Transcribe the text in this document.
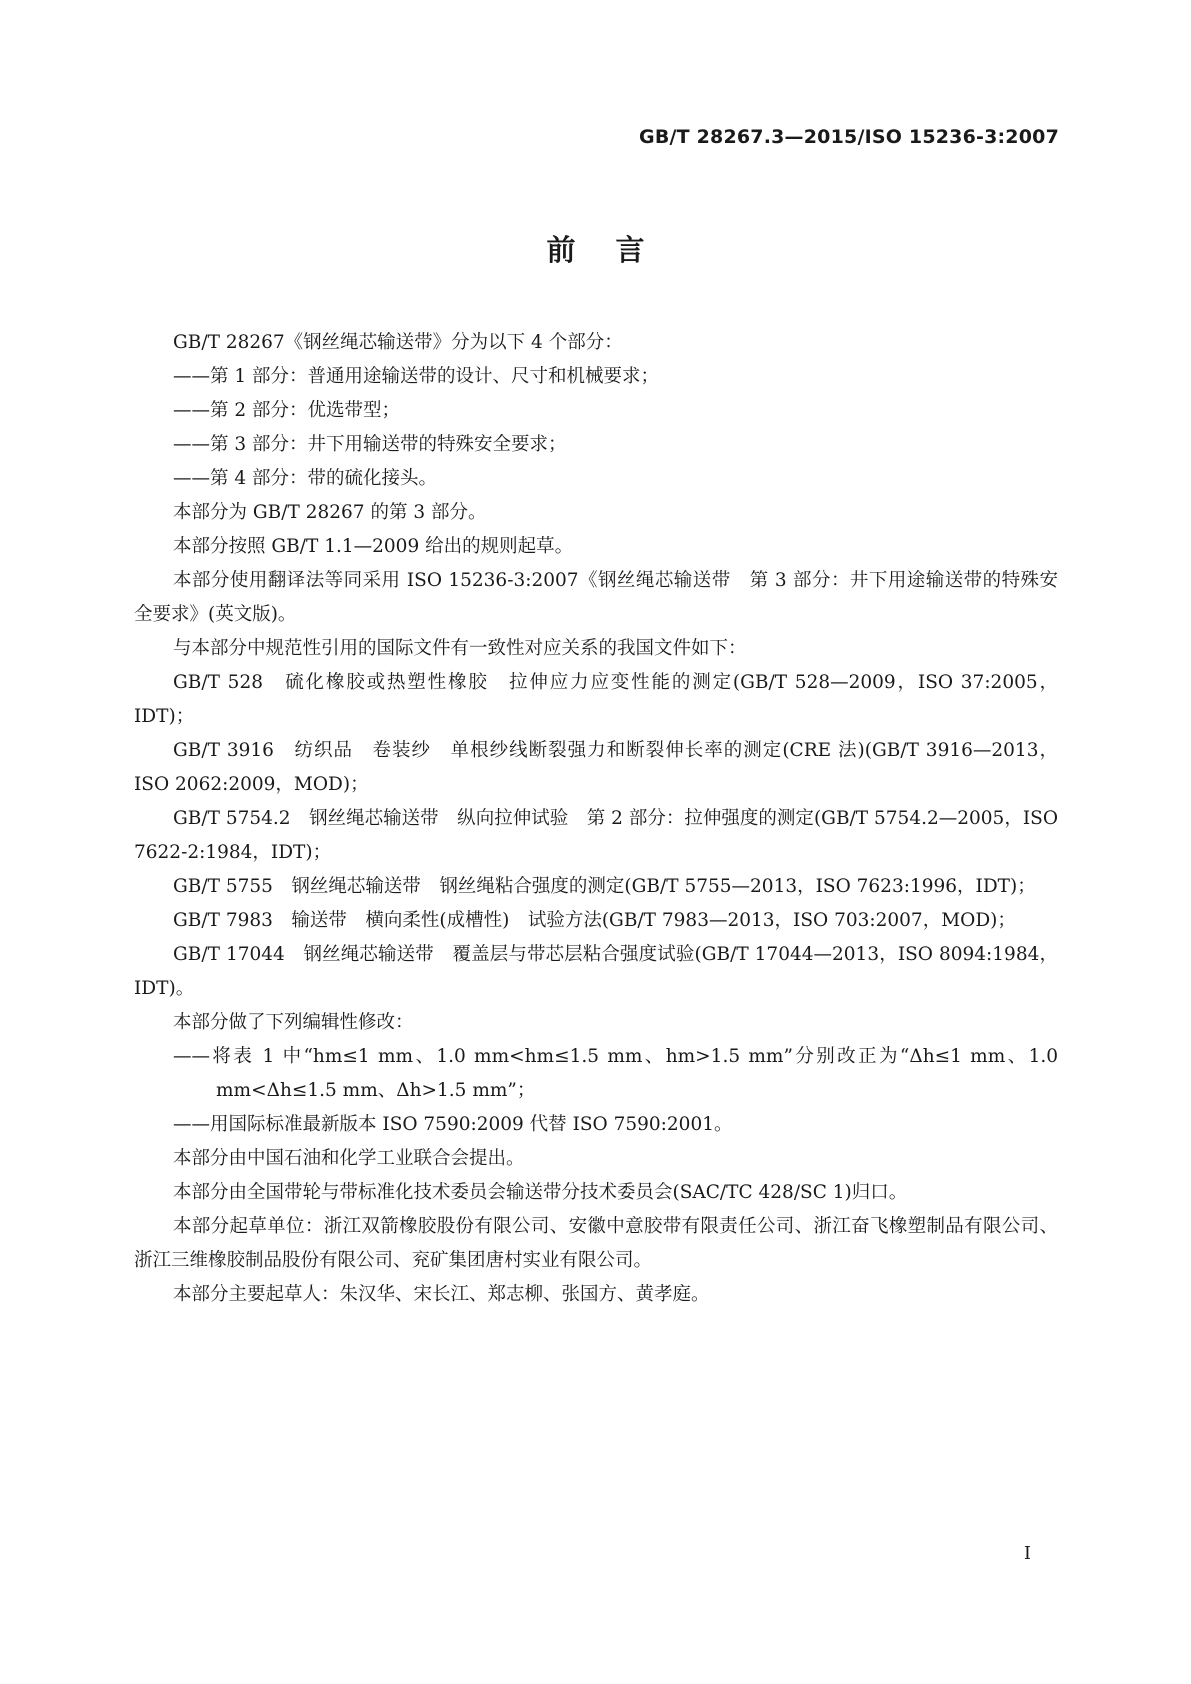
GB/T 28267.3—2015/ISO 15236-3:2007
前言

GB/T 28267《钢丝绳芯输送带》分为以下 4 个部分：

——第 1 部分：普通用途输送带的设计、尺寸和机械要求；

——第 2 部分：优选带型；

——第 3 部分：井下用输送带的特殊安全要求；

——第 4 部分：带的硫化接头。

本部分为 GB/T 28267 的第 3 部分。

本部分按照 GB/T 1.1—2009 给出的规则起草。

本部分使用翻译法等同采用 ISO 15236-3:2007《钢丝绳芯输送带　第 3 部分：井下用途输送带的特殊安全要求》(英文版)。

与本部分中规范性引用的国际文件有一致性对应关系的我国文件如下：

GB/T 528　硫化橡胶或热塑性橡胶　拉伸应力应变性能的测定(GB/T 528—2009，ISO 37:2005，IDT)；

GB/T 3916　纺织品　卷装纱　单根纱线断裂强力和断裂伸长率的测定(CRE 法)(GB/T 3916—2013，ISO 2062:2009，MOD)；

GB/T 5754.2　钢丝绳芯输送带　纵向拉伸试验　第 2 部分：拉伸强度的测定(GB/T 5754.2—2005，ISO 7622-2:1984，IDT)；

GB/T 5755　钢丝绳芯输送带　钢丝绳粘合强度的测定(GB/T 5755—2013，ISO 7623:1996，IDT)；

GB/T 7983　输送带　横向柔性(成槽性)　试验方法(GB/T 7983—2013，ISO 703:2007，MOD)；

GB/T 17044　钢丝绳芯输送带　覆盖层与带芯层粘合强度试验(GB/T 17044—2013，ISO 8094:1984，IDT)。

本部分做了下列编辑性修改：

——将表 1 中“hm≤1 mm、1.0 mm<hm≤1.5 mm、hm>1.5 mm”分别改正为“Δh≤1 mm、1.0 mm<Δh≤1.5 mm、Δh>1.5 mm”；

——用国际标准最新版本 ISO 7590:2009 代替 ISO 7590:2001。

本部分由中国石油和化学工业联合会提出。

本部分由全国带轮与带标准化技术委员会输送带分技术委员会(SAC/TC 428/SC 1)归口。

本部分起草单位：浙江双箭橡胶股份有限公司、安徽中意胶带有限责任公司、浙江奋飞橡塑制品有限公司、浙江三维橡胶制品股份有限公司、兖矿集团唐村实业有限公司。

本部分主要起草人：朱汉华、宋长江、郑志柳、张国方、黄孝庭。

I
